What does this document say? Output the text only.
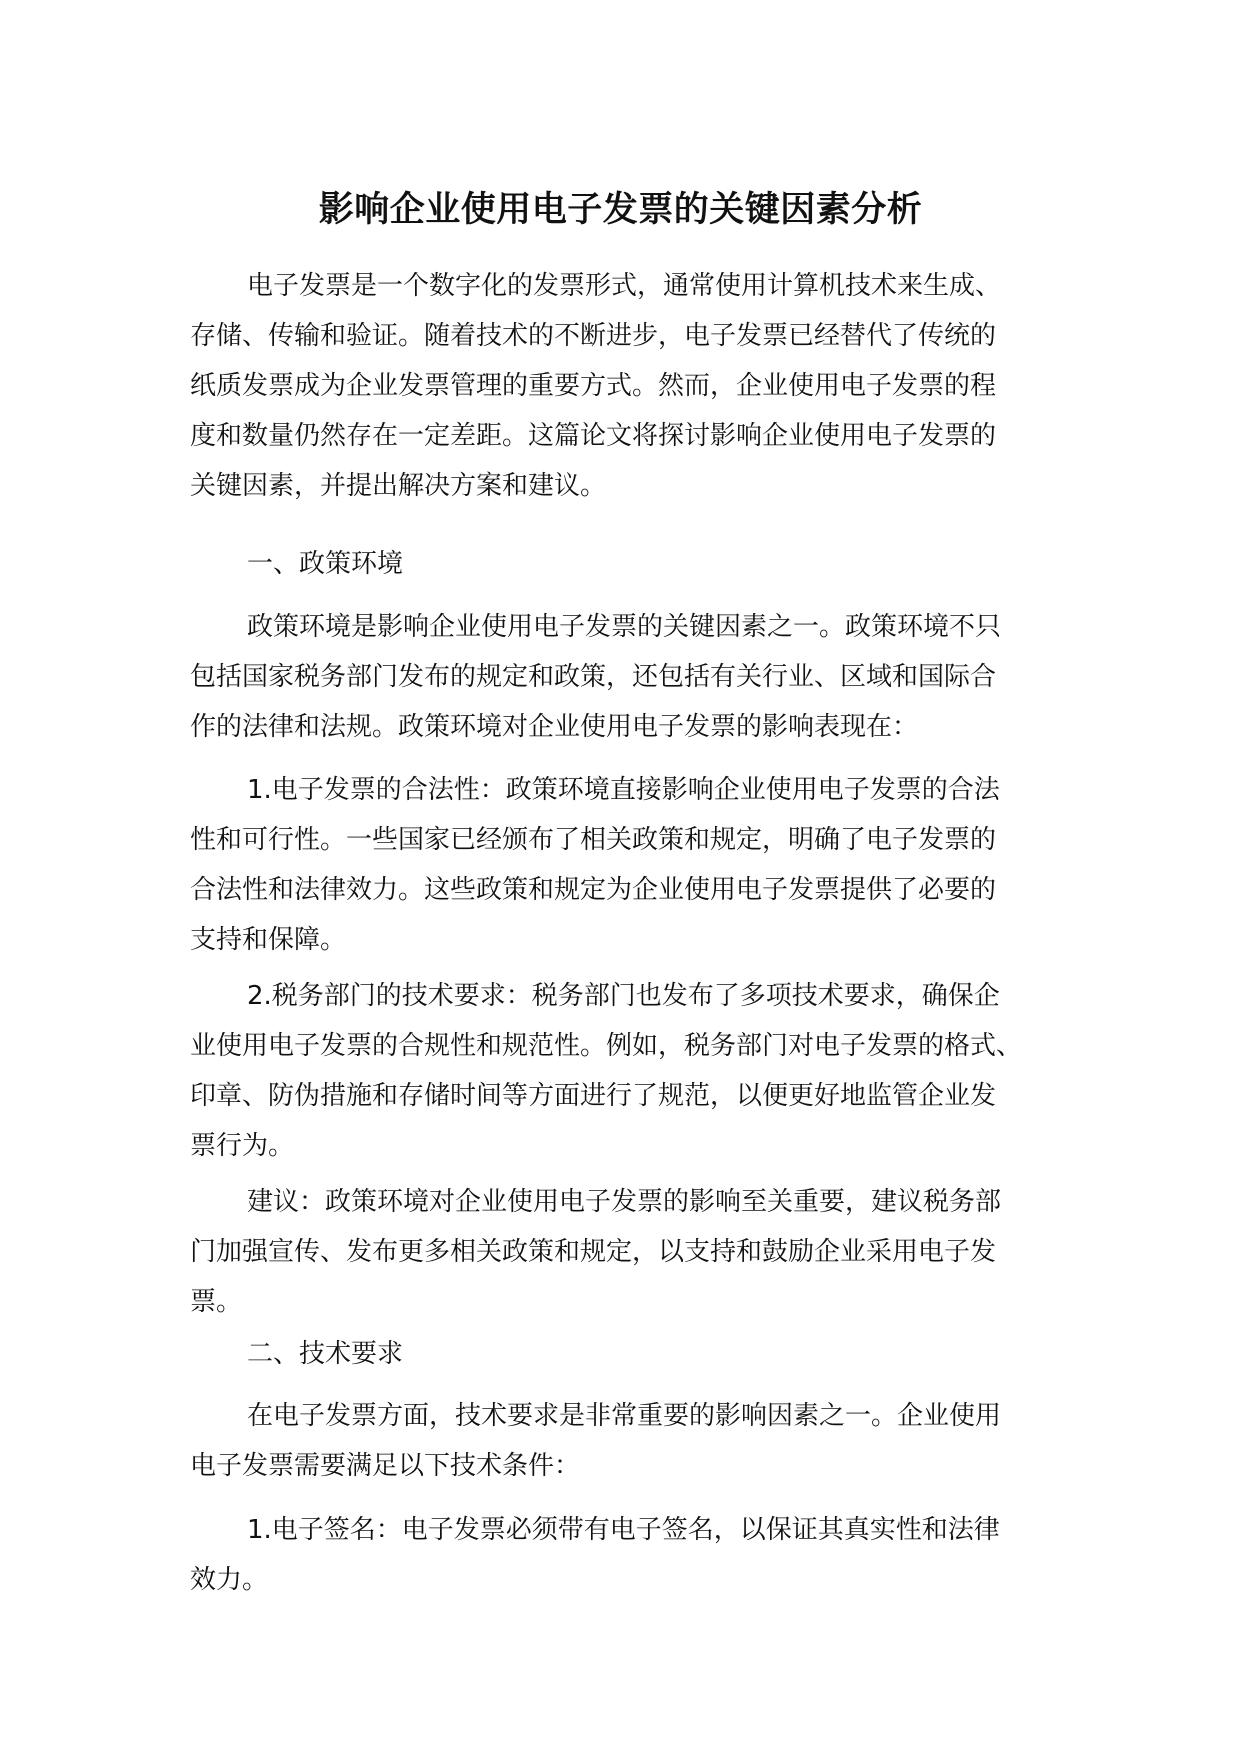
影响企业使用电子发票的关键因素分析

电子发票是一个数字化的发票形式，通常使用计算机技术来生成、
存储、传输和验证。随着技术的不断进步，电子发票已经替代了传统的
纸质发票成为企业发票管理的重要方式。然而，企业使用电子发票的程
度和数量仍然存在一定差距。这篇论文将探讨影响企业使用电子发票的
关键因素，并提出解决方案和建议。

一、政策环境

政策环境是影响企业使用电子发票的关键因素之一。政策环境不只
包括国家税务部门发布的规定和政策，还包括有关行业、区域和国际合
作的法律和法规。政策环境对企业使用电子发票的影响表现在：

1.电子发票的合法性：政策环境直接影响企业使用电子发票的合法
性和可行性。一些国家已经颁布了相关政策和规定，明确了电子发票的
合法性和法律效力。这些政策和规定为企业使用电子发票提供了必要的
支持和保障。

2.税务部门的技术要求：税务部门也发布了多项技术要求，确保企
业使用电子发票的合规性和规范性。例如，税务部门对电子发票的格式、
印章、防伪措施和存储时间等方面进行了规范，以便更好地监管企业发
票行为。

建议：政策环境对企业使用电子发票的影响至关重要，建议税务部
门加强宣传、发布更多相关政策和规定，以支持和鼓励企业采用电子发
票。

二、技术要求

在电子发票方面，技术要求是非常重要的影响因素之一。企业使用
电子发票需要满足以下技术条件：

1.电子签名：电子发票必须带有电子签名，以保证其真实性和法律
效力。
